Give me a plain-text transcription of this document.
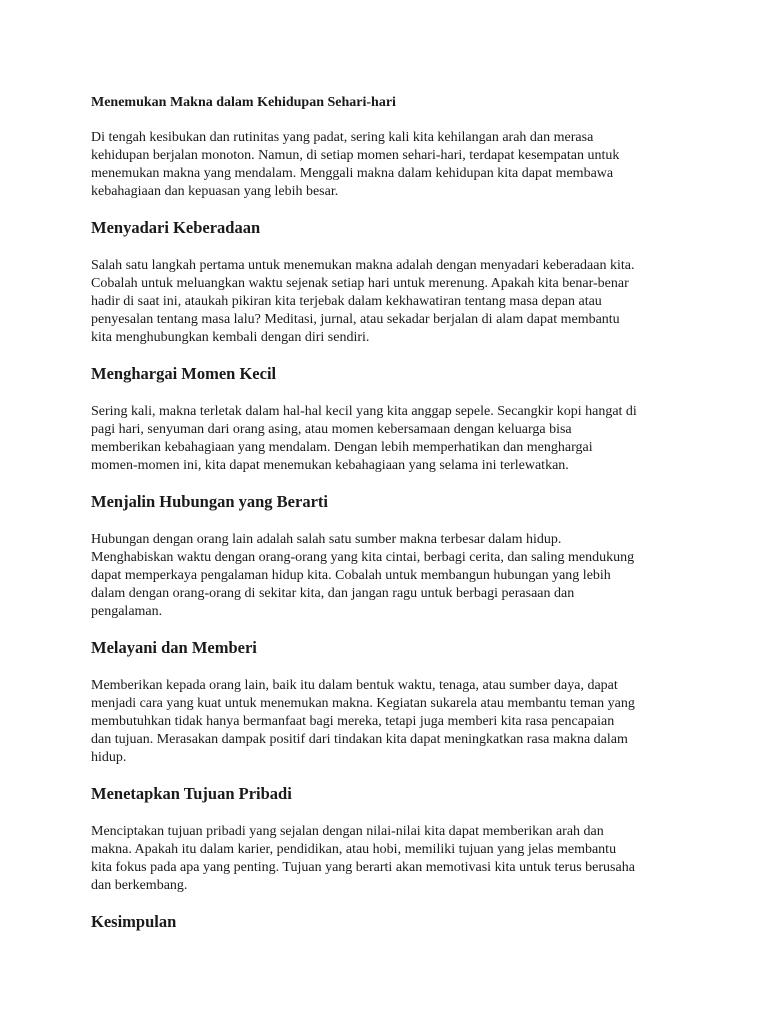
Menemukan Makna dalam Kehidupan Sehari-hari

Di tengah kesibukan dan rutinitas yang padat, sering kali kita kehilangan arah dan merasa
kehidupan berjalan monoton. Namun, di setiap momen sehari-hari, terdapat kesempatan untuk
menemukan makna yang mendalam. Menggali makna dalam kehidupan kita dapat membawa
kebahagiaan dan kepuasan yang lebih besar.

Menyadari Keberadaan

Salah satu langkah pertama untuk menemukan makna adalah dengan menyadari keberadaan kita.
Cobalah untuk meluangkan waktu sejenak setiap hari untuk merenung. Apakah kita benar-benar
hadir di saat ini, ataukah pikiran kita terjebak dalam kekhawatiran tentang masa depan atau
penyesalan tentang masa lalu? Meditasi, jurnal, atau sekadar berjalan di alam dapat membantu
kita menghubungkan kembali dengan diri sendiri.

Menghargai Momen Kecil

Sering kali, makna terletak dalam hal-hal kecil yang kita anggap sepele. Secangkir kopi hangat di
pagi hari, senyuman dari orang asing, atau momen kebersamaan dengan keluarga bisa
memberikan kebahagiaan yang mendalam. Dengan lebih memperhatikan dan menghargai
momen-momen ini, kita dapat menemukan kebahagiaan yang selama ini terlewatkan.

Menjalin Hubungan yang Berarti

Hubungan dengan orang lain adalah salah satu sumber makna terbesar dalam hidup.
Menghabiskan waktu dengan orang-orang yang kita cintai, berbagi cerita, dan saling mendukung
dapat memperkaya pengalaman hidup kita. Cobalah untuk membangun hubungan yang lebih
dalam dengan orang-orang di sekitar kita, dan jangan ragu untuk berbagi perasaan dan
pengalaman.

Melayani dan Memberi

Memberikan kepada orang lain, baik itu dalam bentuk waktu, tenaga, atau sumber daya, dapat
menjadi cara yang kuat untuk menemukan makna. Kegiatan sukarela atau membantu teman yang
membutuhkan tidak hanya bermanfaat bagi mereka, tetapi juga memberi kita rasa pencapaian
dan tujuan. Merasakan dampak positif dari tindakan kita dapat meningkatkan rasa makna dalam
hidup.

Menetapkan Tujuan Pribadi

Menciptakan tujuan pribadi yang sejalan dengan nilai-nilai kita dapat memberikan arah dan
makna. Apakah itu dalam karier, pendidikan, atau hobi, memiliki tujuan yang jelas membantu
kita fokus pada apa yang penting. Tujuan yang berarti akan memotivasi kita untuk terus berusaha
dan berkembang.

Kesimpulan
